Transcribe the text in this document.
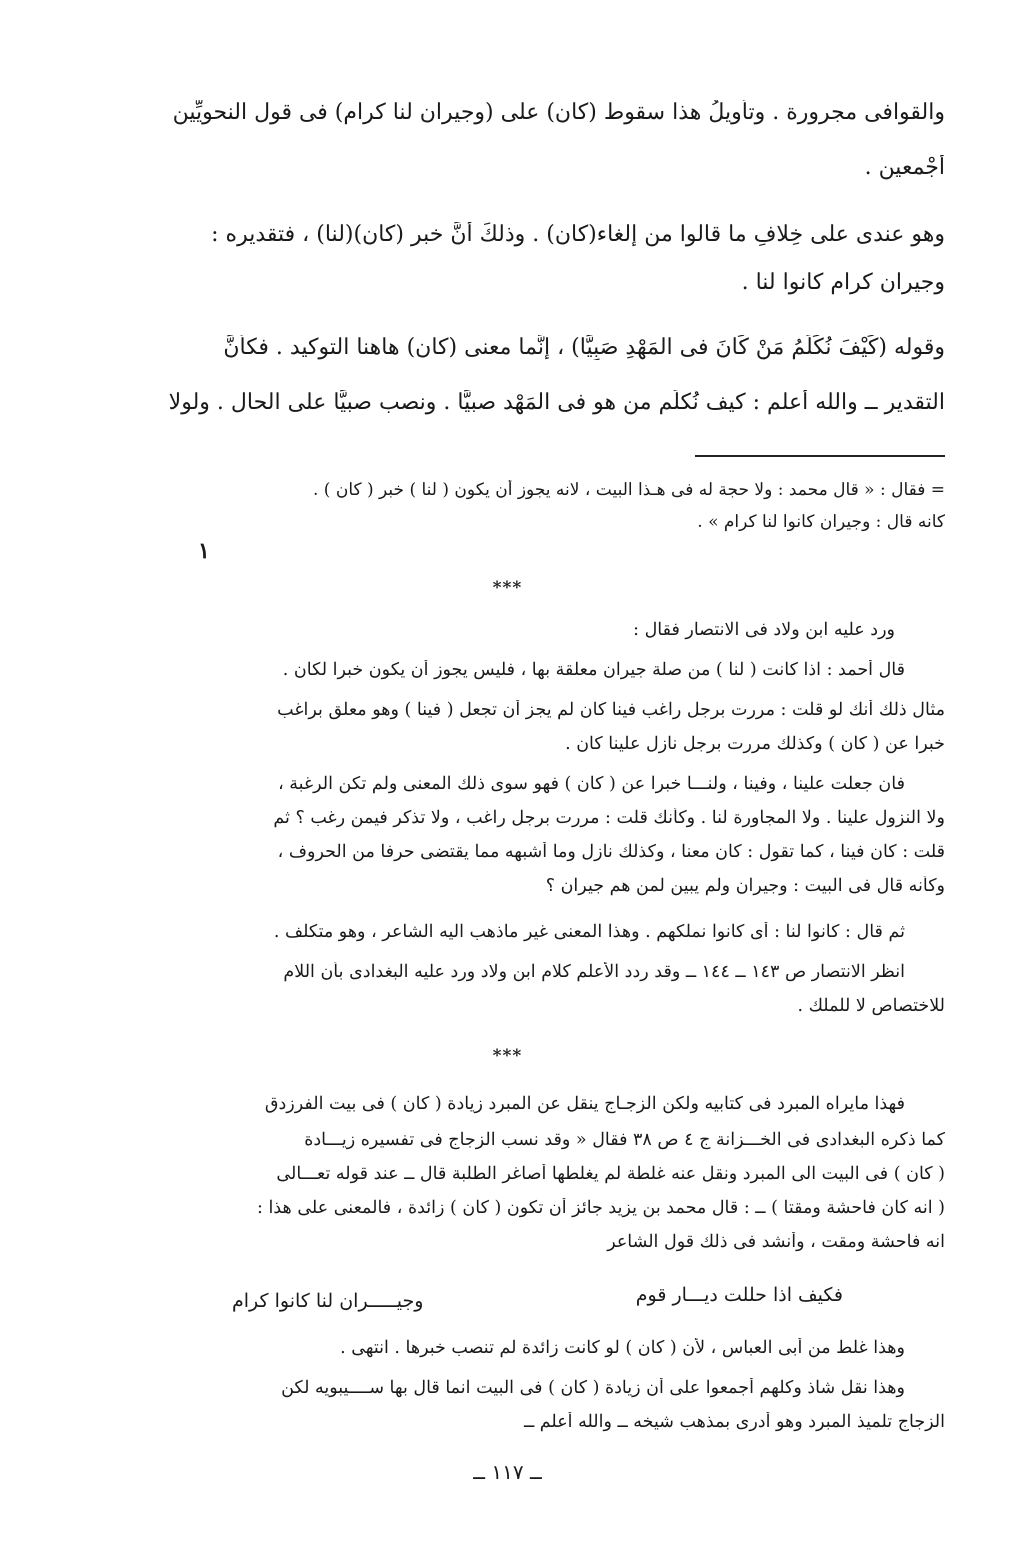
والقوافى مجرورة . وتأويلُ هذا سقوط (كان) على (وجيران لنا كرام) فى قول النحويِّين
أجْمعين .
وهو عندى على خِلافِ ما قالوا من إلغاء(كان) . وذلكَ أنَّ خبر (كان)(لنا) ، فتقديره :
وجيران كرام كانوا لنا .
وقوله (كَيْفَ نُكَلِّمُ مَنْ كَانَ فى المَهْدِ صَبِيًّا) ، إنَّما معنى (كان) هاهنا التوكيد . فكأنَّ
التقدير ــ والله أَعلم : كيف نُكلِّم من هو فى المَهْد صبيًّا . ونصب صبيًّا على الحال . ولولا
= فقال : « قال محمد : ولا حجة له فى هـذا البيت ، لانه يجوز أن يكون ( لنا ) خبر ( كان ) .
كانه قال : وجيران كانوا لنا كرام » .
١
***
ورد عليه ابن ولاد فى الانتصار فقال :
قال أحمد : اذا كانت ( لنا ) من صلة جيران معلقة بها ، فليس يجوز أن يكون خبرا لكان .
مثال ذلك أنك لو قلت : مررت برجل راغب فينا كان لم يجز أن تجعل ( فينا ) وهو معلق براغب
خبرا عن ( كان ) وكذلك مررت برجل نازل علينا كان .
فان جعلت علينا ، وفينا ، ولنـــا خبرا عن ( كان ) فهو سوى ذلك المعنى ولم تكن الرغبة ،
ولا النزول علينا . ولا المجاورة لنا . وكأنك قلت : مررت برجل راغب ، ولا تذكر فيمن رغب ؟ ثم
قلت : كان فينا ، كما تقول : كان معنا ، وكذلك نازل وما أشبهه مما يقتضى حرفا من الحروف ،
وكأنه قال فى البيت : وجيران ولم يبين لمن هم جيران ؟
ثم قال : كانوا لنا : أى كانوا نملكهم . وهذا المعنى غير ماذهب اليه الشاعر ، وهو متكلف .
انظر الانتصار ص ١٤٣ ــ ١٤٤ ــ وقد ردد الأعلم كلام ابن ولاد ورد عليه البغدادى بأن اللام
للاختصاص لا للملك .
***
فهذا مايراه المبرد فى كتابيه ولكن الزجـاج ينقل عن المبرد زيادة ( كان ) فى بيت الفرزدق
كما ذكره البغدادى فى الخـــزانة ج ٤ ص ٣٨ فقال « وقد نسب الزجاج فى تفسيره زيـــادة
( كان ) فى البيت الى المبرد ونقل عنه غلطة لم يغلطها أصاغر الطلبة قال ــ عند قوله تعـــالى
( انه كان فاحشة ومقتا ) ــ : قال محمد بن يزيد جائز أن تكون ( كان ) زائدة ، فالمعنى على هذا :
انه فاحشة ومقت ، وأنشد فى ذلك قول الشاعر
فكيف اذا حللت ديـــار قوم
وجيـــــران لنا كانوا كرام
وهذا غلط من أبى العباس ، لأن ( كان ) لو كانت زائدة لم تنصب خبرها . انتهى .
وهذا نقل شاذ وكلهم أجمعوا على أن زيادة ( كان ) فى البيت انما قال بها ســــيبويه لكن
الزجاج تلميذ المبرد وهو أدرى بمذهب شيخه ــ والله أعلم ــ
ــ ١١٧ ــ
